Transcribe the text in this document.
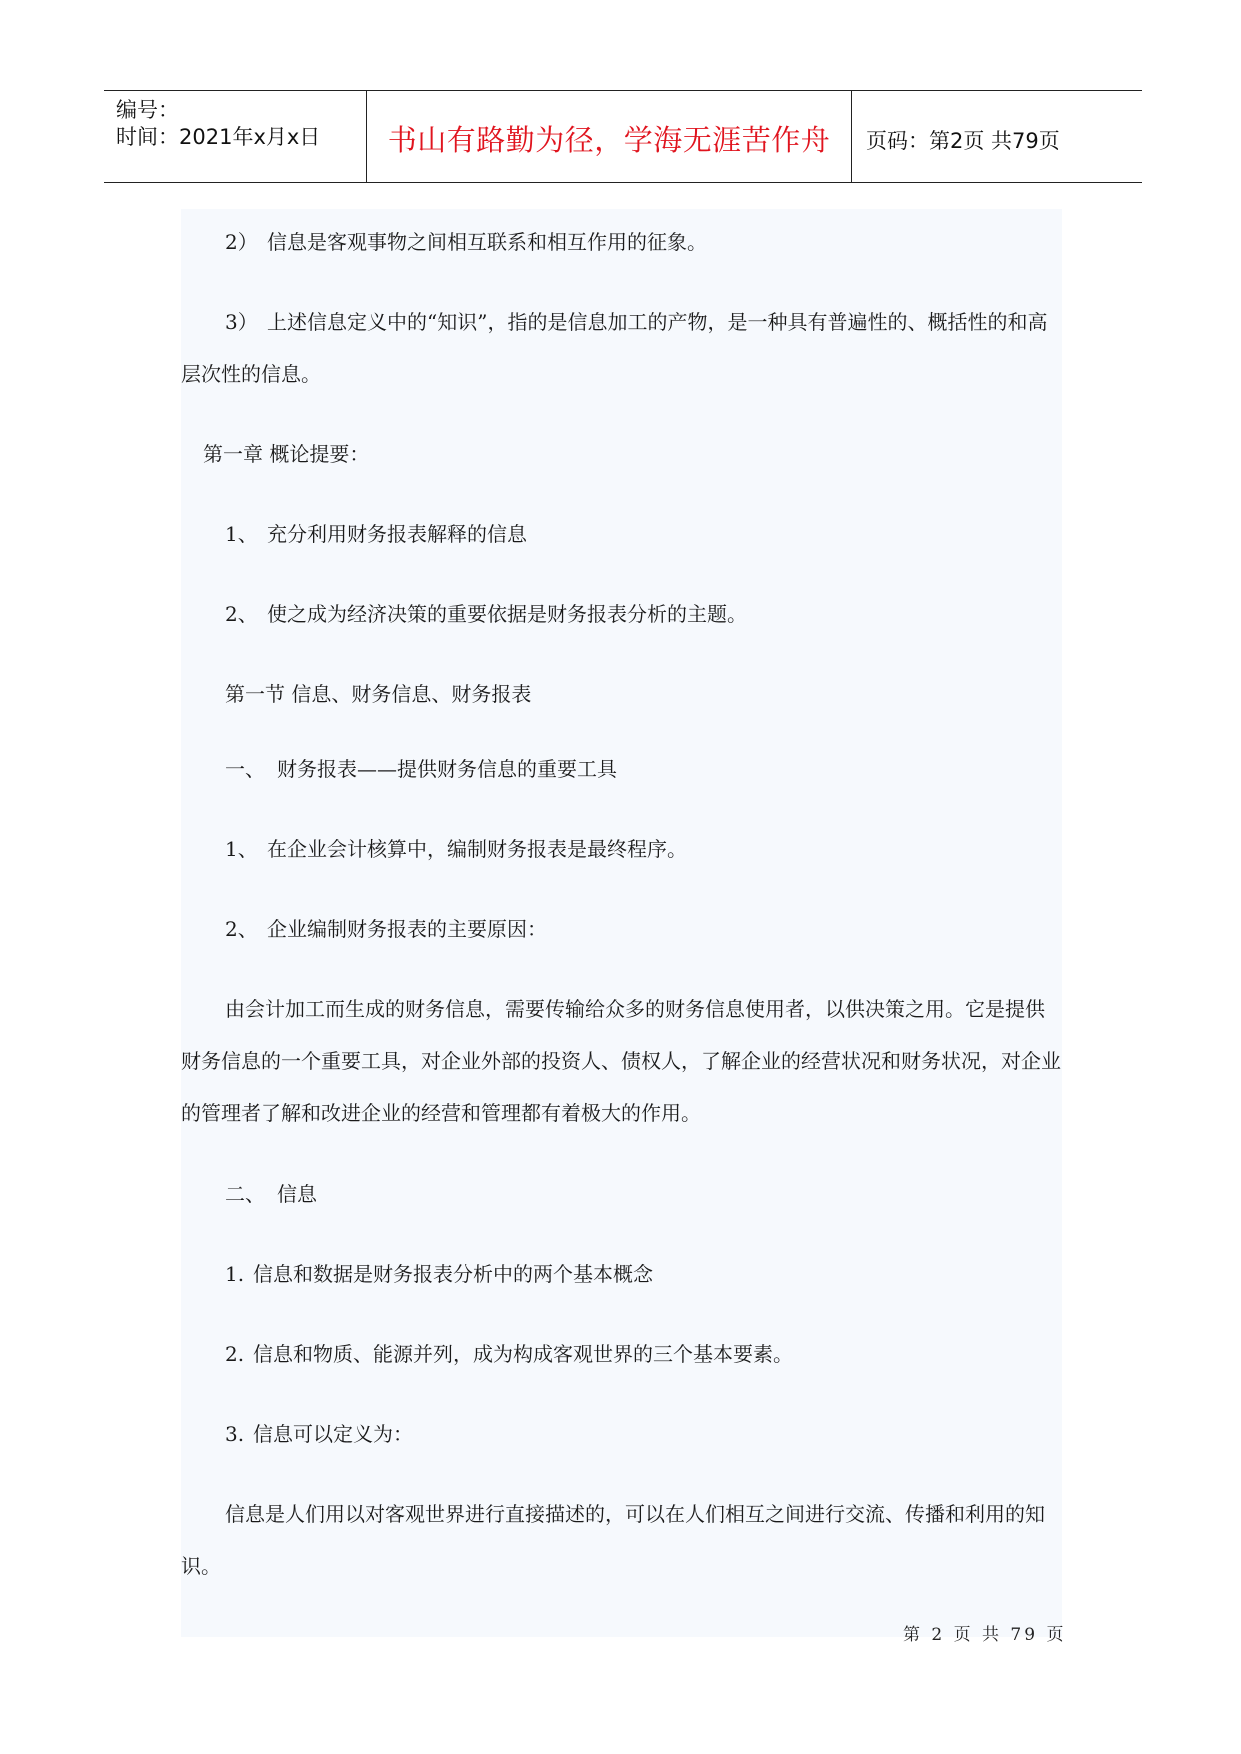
编号：
时间：2021年x月x日	书山有路勤为径，学海无涯苦作舟	页码：第2页 共79页

2） 信息是客观事物之间相互联系和相互作用的征象。

3） 上述信息定义中的“知识”，指的是信息加工的产物，是一种具有普遍性的、概括性的和高层次性的信息。

第一章 概论提要：

1、 充分利用财务报表解释的信息

2、 使之成为经济决策的重要依据是财务报表分析的主题。

第一节 信息、财务信息、财务报表

一、 财务报表——提供财务信息的重要工具

1、 在企业会计核算中，编制财务报表是最终程序。

2、 企业编制财务报表的主要原因：

由会计加工而生成的财务信息，需要传输给众多的财务信息使用者，以供决策之用。它是提供财务信息的一个重要工具，对企业外部的投资人、债权人，了解企业的经营状况和财务状况，对企业的管理者了解和改进企业的经营和管理都有着极大的作用。

二、 信息

1. 信息和数据是财务报表分析中的两个基本概念

2. 信息和物质、能源并列，成为构成客观世界的三个基本要素。

3. 信息可以定义为：

信息是人们用以对客观世界进行直接描述的，可以在人们相互之间进行交流、传播和利用的知识。

第 2 页 共 79 页
